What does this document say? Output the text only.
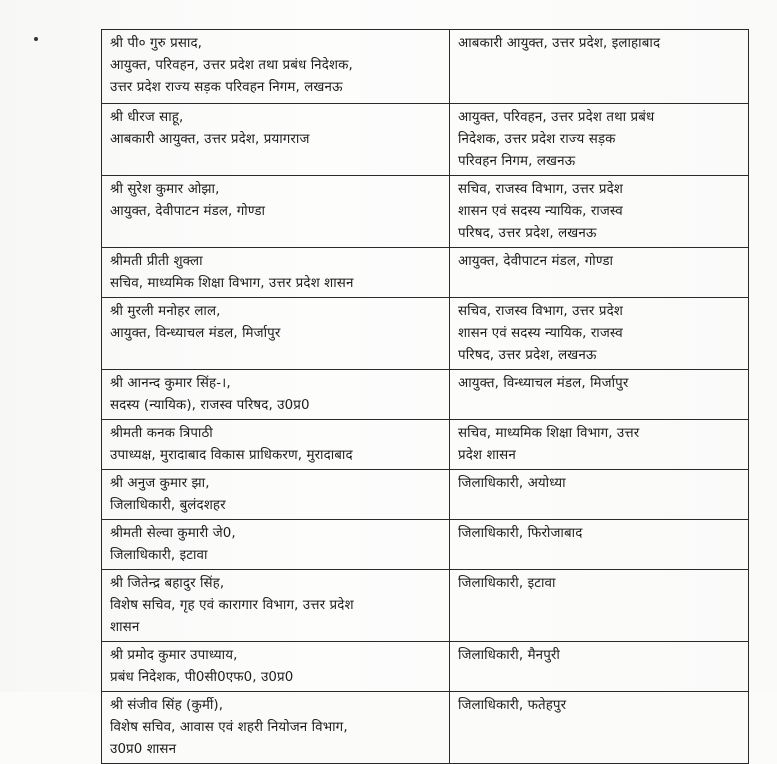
श्री पी० गुरु प्रसाद,
आयुक्त, परिवहन, उत्तर प्रदेश तथा प्रबंध निदेशक,
उत्तर प्रदेश राज्य सड़क परिवहन निगम, लखनऊ	आबकारी आयुक्त, उत्तर प्रदेश, इलाहाबाद

श्री धीरज साहू,
आबकारी आयुक्त, उत्तर प्रदेश, प्रयागराज	आयुक्त, परिवहन, उत्तर प्रदेश तथा प्रबंध
निदेशक, उत्तर प्रदेश राज्य सड़क
परिवहन निगम, लखनऊ

श्री सुरेश कुमार ओझा,
आयुक्त, देवीपाटन मंडल, गोण्डा	सचिव, राजस्व विभाग, उत्तर प्रदेश
शासन एवं सदस्य न्यायिक, राजस्व
परिषद, उत्तर प्रदेश, लखनऊ

श्रीमती प्रीती शुक्ला
सचिव, माध्यमिक शिक्षा विभाग, उत्तर प्रदेश शासन	आयुक्त, देवीपाटन मंडल, गोण्डा

श्री मुरली मनोहर लाल,
आयुक्त, विन्ध्याचल मंडल, मिर्जापुर	सचिव, राजस्व विभाग, उत्तर प्रदेश
शासन एवं सदस्य न्यायिक, राजस्व
परिषद, उत्तर प्रदेश, लखनऊ

श्री आनन्द कुमार सिंह-।,
सदस्य (न्यायिक), राजस्व परिषद, उ0प्र0	आयुक्त, विन्ध्याचल मंडल, मिर्जापुर

श्रीमती कनक त्रिपाठी
उपाध्यक्ष, मुरादाबाद विकास प्राधिकरण, मुरादाबाद	सचिव, माध्यमिक शिक्षा विभाग, उत्तर
प्रदेश शासन

श्री अनुज कुमार झा,
जिलाधिकारी, बुलंदशहर	जिलाधिकारी, अयोध्या

श्रीमती सेल्वा कुमारी जे0,
जिलाधिकारी, इटावा	जिलाधिकारी, फिरोजाबाद

श्री जितेन्द्र बहादुर सिंह,
विशेष सचिव, गृह एवं कारागार विभाग, उत्तर प्रदेश
शासन	जिलाधिकारी, इटावा

श्री प्रमोद कुमार उपाध्याय,
प्रबंध निदेशक, पी0सी0एफ0, उ0प्र0	जिलाधिकारी, मैनपुरी

श्री संजीव सिंह (कुर्मी),
विशेष सचिव, आवास एवं शहरी नियोजन विभाग,
उ0प्र0 शासन	जिलाधिकारी, फतेहपुर
